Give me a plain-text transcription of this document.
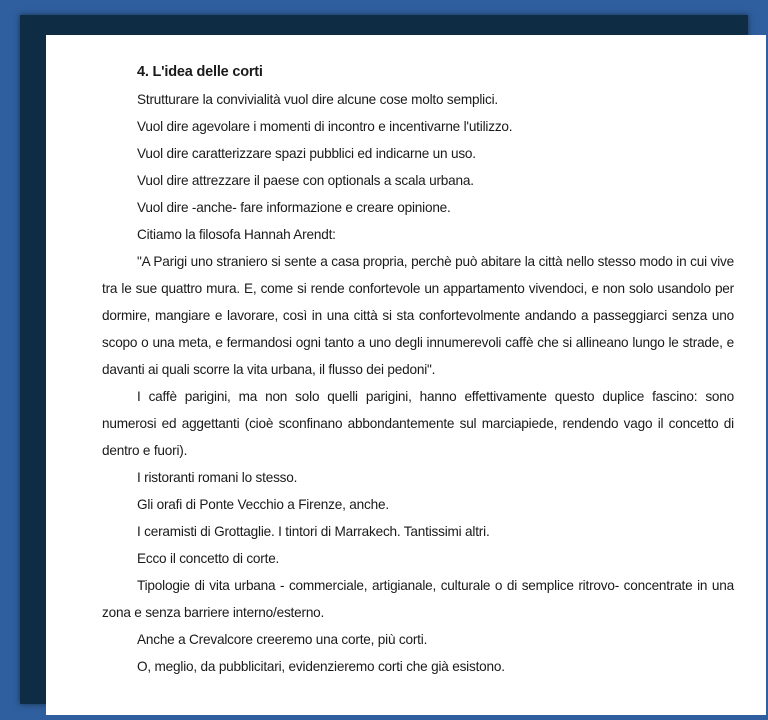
4. L'idea delle corti

Strutturare la convivialità vuol dire alcune cose molto semplici.

Vuol dire agevolare i momenti di incontro e incentivarne l'utilizzo.

Vuol dire caratterizzare spazi pubblici ed indicarne un uso.

Vuol dire attrezzare il paese con optionals a scala urbana.

Vuol dire -anche- fare informazione e creare opinione.

Citiamo la filosofa Hannah Arendt:

"A Parigi uno straniero si sente a casa propria, perchè può abitare la città nello stesso modo in cui vive tra le sue quattro mura. E, come si rende confortevole un appartamento vivendoci, e non solo usandolo per dormire, mangiare e lavorare, così in una città si sta confortevolmente andando a passeggiarci senza uno scopo o una meta, e fermandosi ogni tanto a uno degli innumerevoli caffè che si allineano lungo le strade, e davanti ai quali scorre la vita urbana, il flusso dei pedoni".

I caffè parigini, ma non solo quelli parigini, hanno effettivamente questo duplice fascino: sono numerosi ed aggettanti (cioè sconfinano abbondantemente sul marciapiede, rendendo vago il concetto di dentro e fuori).

I ristoranti romani lo stesso.

Gli orafi di Ponte Vecchio a Firenze, anche.

I ceramisti di Grottaglie. I tintori di Marrakech. Tantissimi altri.

Ecco il concetto di corte.

Tipologie di vita urbana - commerciale, artigianale, culturale o di semplice ritrovo- concentrate in una zona e senza barriere interno/esterno.

Anche a Crevalcore creeremo una corte, più corti.

O, meglio, da pubblicitari, evidenzieremo corti che già esistono.
